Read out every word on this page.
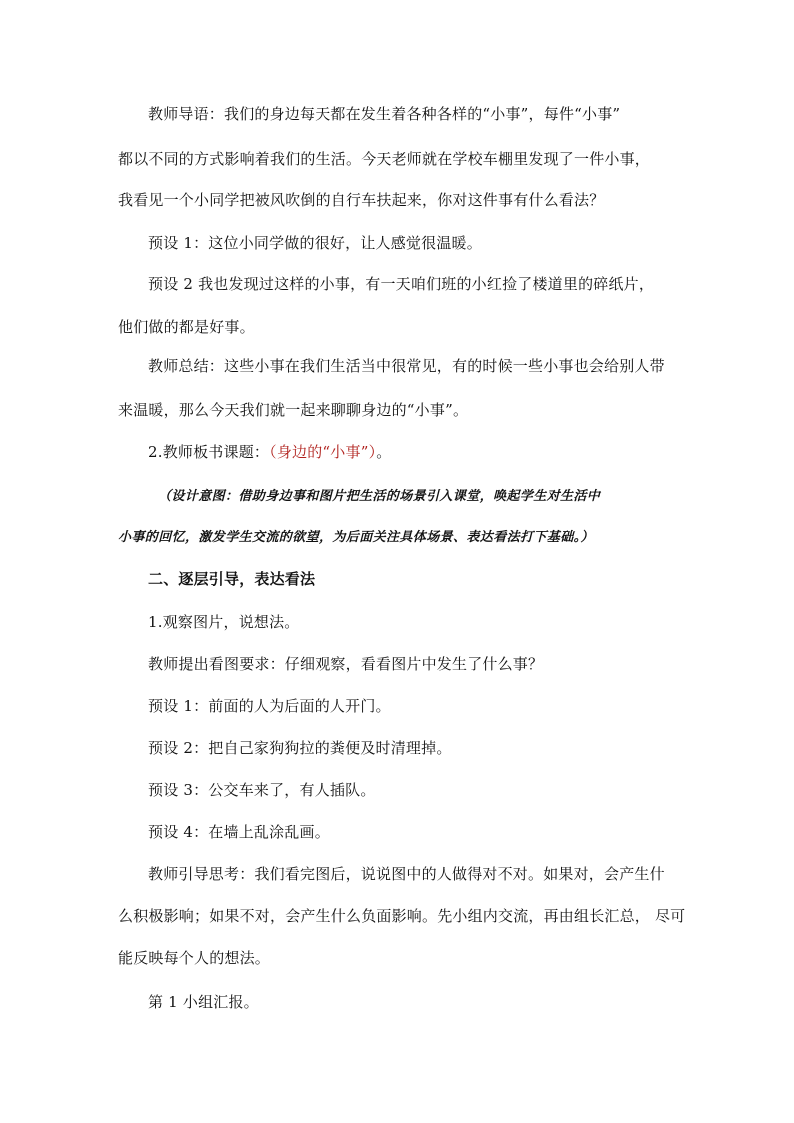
教师导语：我们的身边每天都在发生着各种各样的“小事”，每件“小事”
都以不同的方式影响着我们的生活。今天老师就在学校车棚里发现了一件小事，
我看见一个小同学把被风吹倒的自行车扶起来，你对这件事有什么看法？
预设 1：这位小同学做的很好，让人感觉很温暖。
预设 2 我也发现过这样的小事，有一天咱们班的小红捡了楼道里的碎纸片，
他们做的都是好事。
教师总结：这些小事在我们生活当中很常见，有的时候一些小事也会给别人带
来温暖，那么今天我们就一起来聊聊身边的“小事”。
2.教师板书课题：（身边的“小事”）。
（设计意图：借助身边事和图片把生活的场景引入课堂，唤起学生对生活中
小事的回忆，激发学生交流的欲望，为后面关注具体场景、表达看法打下基础。）
二、逐层引导，表达看法
1.观察图片，说想法。
教师提出看图要求：仔细观察，看看图片中发生了什么事？
预设 1：前面的人为后面的人开门。
预设 2：把自己家狗狗拉的粪便及时清理掉。
预设 3：公交车来了，有人插队。
预设 4：在墙上乱涂乱画。
教师引导思考：我们看完图后，说说图中的人做得对不对。如果对，会产生什
么积极影响；如果不对，会产生什么负面影响。先小组内交流，再由组长汇总， 尽可
能反映每个人的想法。
第 1 小组汇报。
